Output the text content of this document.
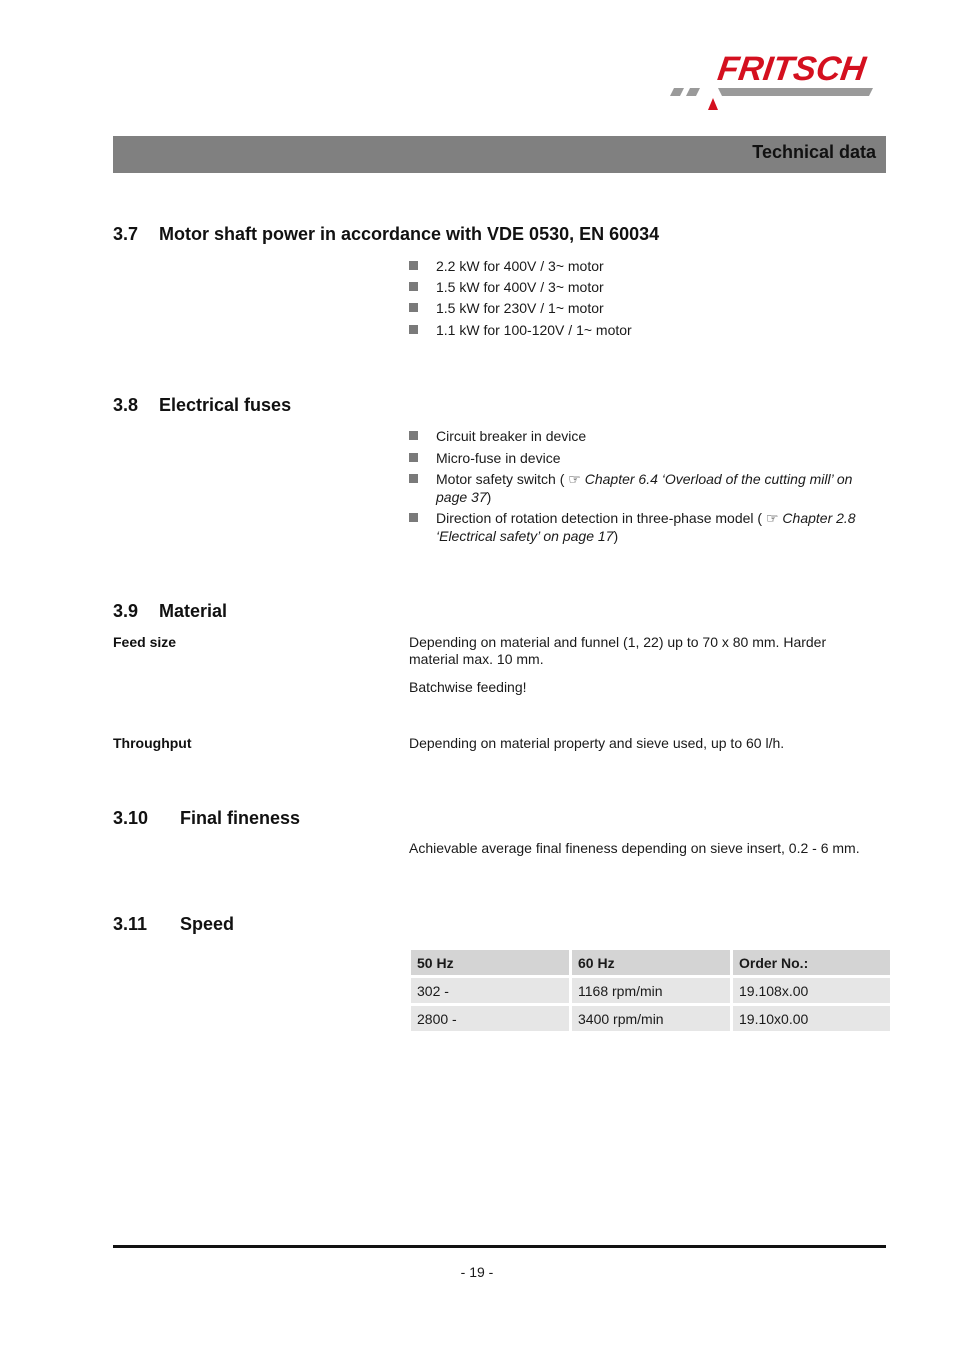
FRITSCH
Technical data
3.7 Motor shaft power in accordance with VDE 0530, EN 60034
2.2 kW for 400V / 3~ motor
1.5 kW for 400V / 3~ motor
1.5 kW for 230V / 1~ motor
1.1 kW for 100-120V / 1~ motor
3.8 Electrical fuses
Circuit breaker in device
Micro-fuse in device
Motor safety switch ( ☞ Chapter 6.4 ‘Overload of the cutting mill’ on page 37)
Direction of rotation detection in three-phase model ( ☞ Chapter 2.8 ‘Electrical safety’ on page 17)
3.9 Material
Feed size	Depending on material and funnel (1, 22) up to 70 x 80 mm. Harder material max. 10 mm.
Batchwise feeding!
Throughput	Depending on material property and sieve used, up to 60 l/h.
3.10 Final fineness
Achievable average final fineness depending on sieve insert, 0.2 - 6 mm.
3.11 Speed
50 Hz	60 Hz	Order No.:
302 -	1168 rpm/min	19.108x.00
2800 -	3400 rpm/min	19.10x0.00
- 19 -
